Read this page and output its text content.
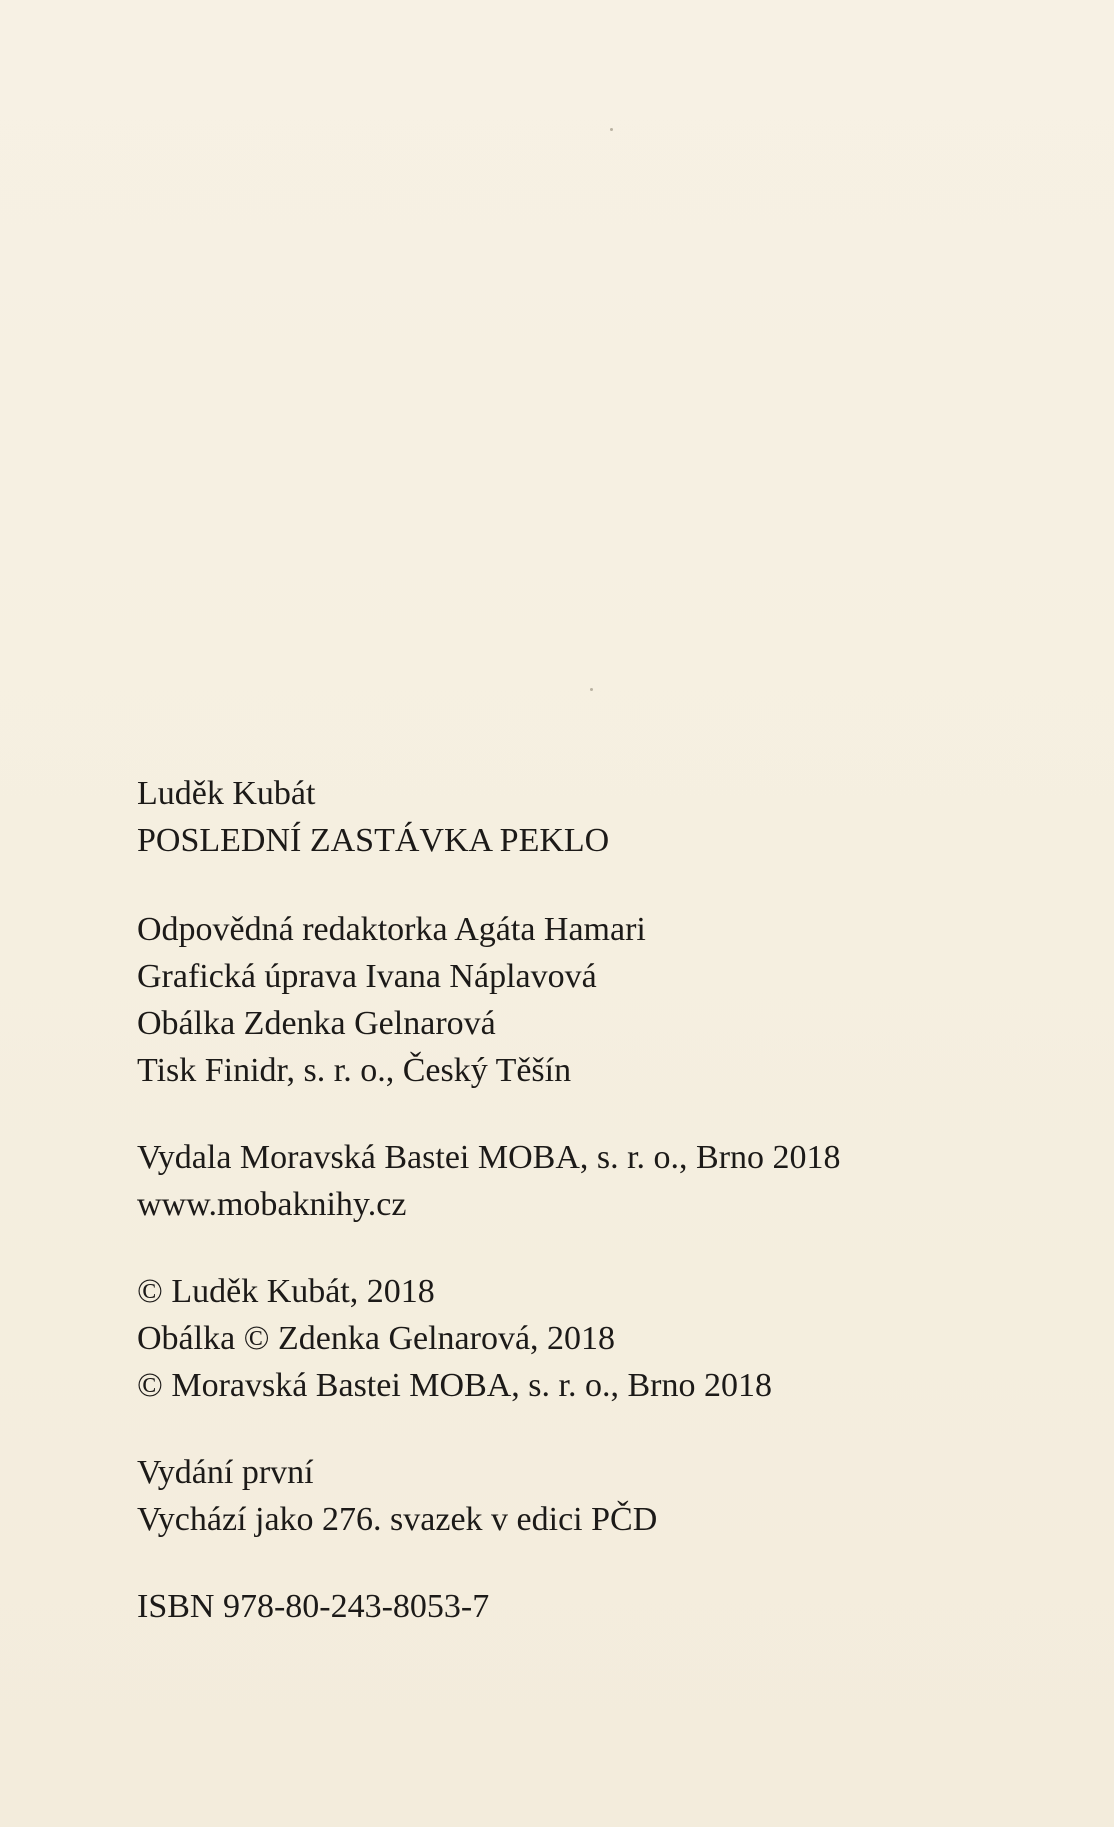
Luděk Kubát
POSLEDNÍ ZASTÁVKA PEKLO
Odpovědná redaktorka Agáta Hamari
Grafická úprava Ivana Náplavová
Obálka Zdenka Gelnarová
Tisk Finidr, s. r. o., Český Těšín
Vydala Moravská Bastei MOBA, s. r. o., Brno 2018
www.mobaknihy.cz
© Luděk Kubát, 2018
Obálka © Zdenka Gelnarová, 2018
© Moravská Bastei MOBA, s. r. o., Brno 2018
Vydání první
Vychází jako 276. svazek v edici PČD
ISBN 978-80-243-8053-7
